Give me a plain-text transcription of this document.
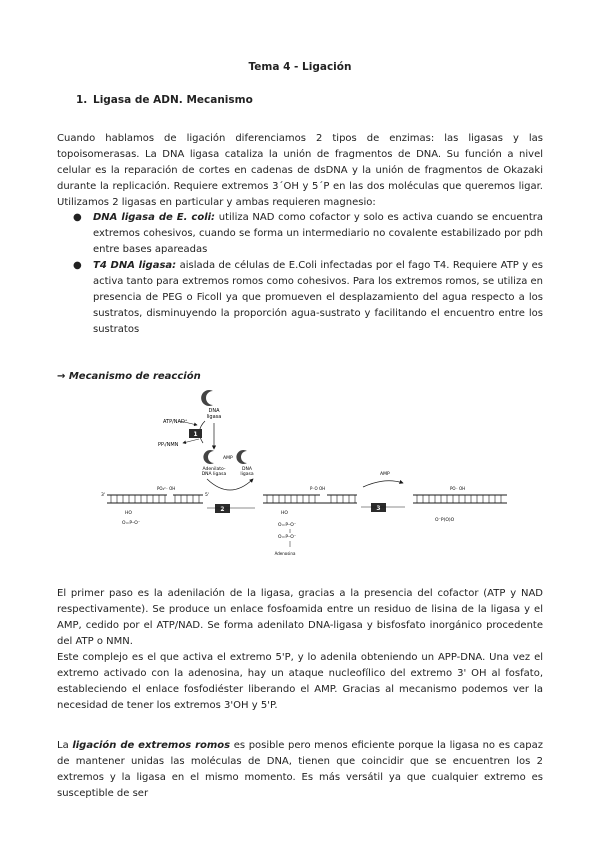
Tema 4 - Ligación
1. Ligasa de ADN. Mecanismo

Cuando hablamos de ligación diferenciamos 2 tipos de enzimas: las ligasas y las topoisomerasas. La DNA ligasa cataliza la unión de fragmentos de DNA. Su función a nivel celular es la reparación de cortes en cadenas de dsDNA y la unión de fragmentos de Okazaki durante la replicación. Requiere extremos 3´OH y 5´P en las dos moléculas que queremos ligar. Utilizamos 2 ligasas en particular y ambas requieren magnesio:

● DNA ligasa de E. coli: utiliza NAD como cofactor y solo es activa cuando se encuentra extremos cohesivos, cuando se forma un intermediario no covalente estabilizado por pdh entre bases apareadas
● T4 DNA ligasa: aislada de células de E.Coli infectadas por el fago T4. Requiere ATP y es activa tanto para extremos romos como cohesivos. Para los extremos romos, se utiliza en presencia de PEG o Ficoll ya que promueven el desplazamiento del agua respecto a los sustratos, disminuyendo la proporción agua-sustrato y facilitando el encuentro entre los sustratos
→ Mecanismo de reacción
DNA
ligasa
ATP/NAD⁺
PPᵢ/NMN
1
AMP
Adenilato-
DNA ligasa
DNA
ligasa
3'	5'
PO₄²⁻ OH
O=P–O⁻
HO
2
P⁻O OH
HO
O=P–O⁻
O=P–O⁻
Adenosina
AMP
3
PO⁻ OH
O⁻P(O)O

El primer paso es la adenilación de la ligasa, gracias a la presencia del cofactor (ATP y NAD respectivamente). Se produce un enlace fosfoamida entre un residuo de lisina de la ligasa y el AMP, cedido por el ATP/NAD. Se forma adenilato DNA-ligasa y bisfosfato inorgánico procedente del ATP o NMN.

Este complejo es el que activa el extremo 5'P, y lo adenila obteniendo un APP-DNA. Una vez el extremo activado con la adenosina, hay un ataque nucleofílico del extremo 3' OH al fosfato, estableciendo el enlace fosfodiéster liberando el AMP. Gracias al mecanismo podemos ver la necesidad de tener los extremos 3'OH y 5'P.

La ligación de extremos romos es posible pero menos eficiente porque la ligasa no es capaz de mantener unidas las moléculas de DNA, tienen que coincidir que se encuentren los 2 extremos y la ligasa en el mismo momento. Es más versátil ya que cualquier extremo es susceptible de ser
